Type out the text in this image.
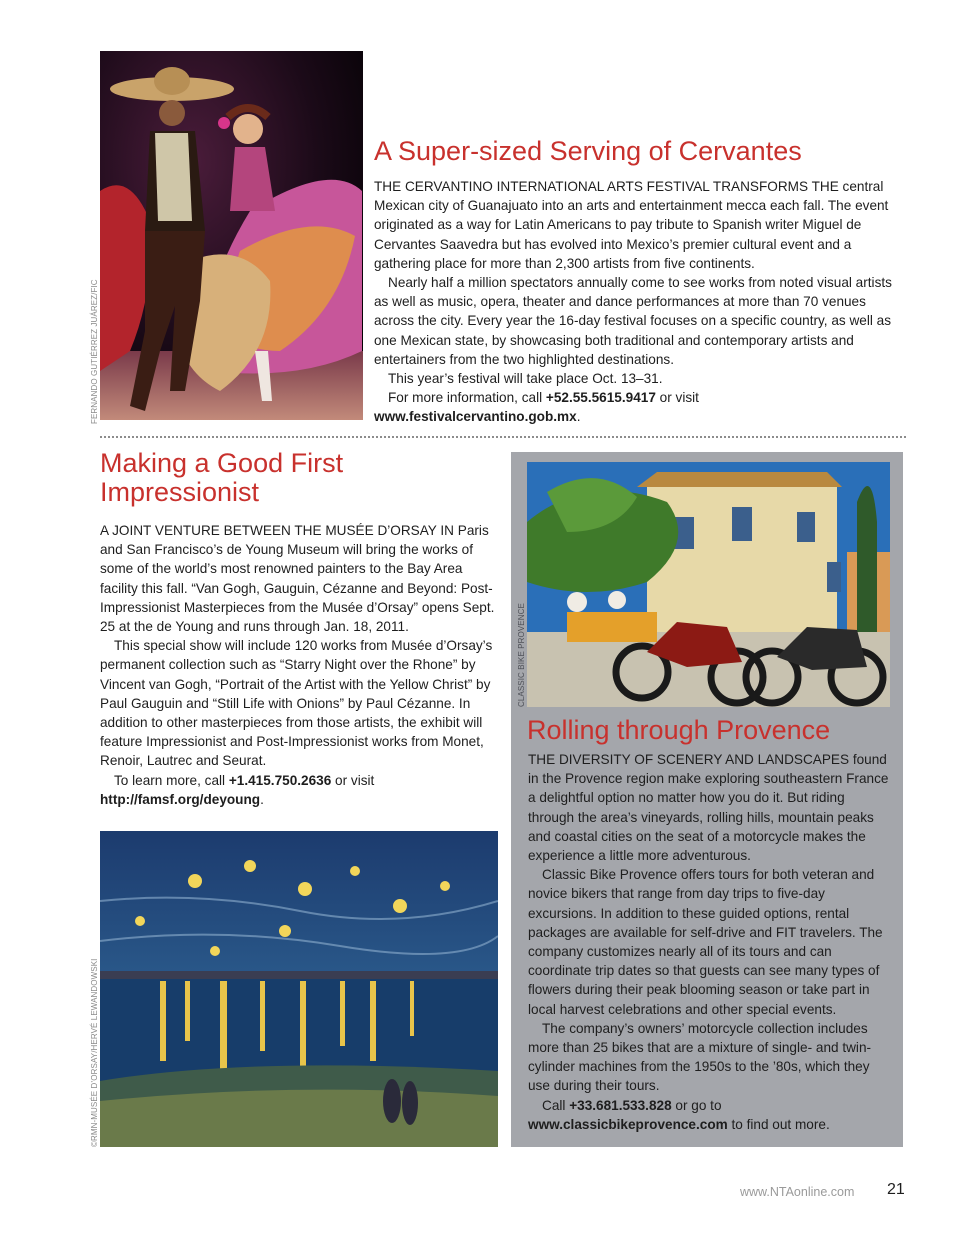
FERNANDO GUTIÉRREZ JUÁREZ/FIC
A Super-sized Serving of Cervantes

THE CERVANTINO INTERNATIONAL ARTS FESTIVAL TRANSFORMS THE central Mexican city of Guanajuato into an arts and entertainment mecca each fall. The event originated as a way for Latin Americans to pay tribute to Spanish writer Miguel de Cervantes Saavedra but has evolved into Mexico’s premier cultural event and a gathering place for more than 2,300 artists from five continents.

Nearly half a million spectators annually come to see works from noted visual artists as well as music, opera, theater and dance performances at more than 70 venues across the city. Every year the 16-day festival focuses on a specific country, as well as one Mexican state, by showcasing both traditional and contemporary artists and entertainers from the two highlighted destinations.

This year’s festival will take place Oct. 13–31.

For more information, call +52.55.5615.9417 or visit www.festivalcervantino.gob.mx.

Making a Good First
Impressionist

A JOINT VENTURE BETWEEN THE MUSÉE D’ORSAY IN Paris and San Francisco’s de Young Museum will bring the works of some of the world’s most renowned painters to the Bay Area facility this fall. “Van Gogh, Gauguin, Cézanne and Beyond: Post-Impressionist Masterpieces from the Musée d’Orsay” opens Sept. 25 at the de Young and runs through Jan. 18, 2011.

This special show will include 120 works from Musée d’Orsay’s permanent collection such as “Starry Night over the Rhone” by Vincent van Gogh, “Portrait of the Artist with the Yellow Christ” by Paul Gauguin and “Still Life with Onions” by Paul Cézanne. In addition to other masterpieces from those artists, the exhibit will feature Impressionist and Post-Impressionist works from Monet, Renoir, Lautrec and Seurat.

To learn more, call +1.415.750.2636 or visit http://famsf.org/deyoung.

©RMN-MUSÉE D’ORSAY/HERVÉ LEWANDOWSKI
CLASSIC BIKE PROVENCE
Rolling through Provence

THE DIVERSITY OF SCENERY AND LANDSCAPES found in the Provence region make exploring southeastern France a delightful option no matter how you do it. But riding through the area’s vineyards, rolling hills, mountain peaks and coastal cities on the seat of a motorcycle makes the experience a little more adventurous.

Classic Bike Provence offers tours for both veteran and novice bikers that range from day trips to five-day excursions. In addition to these guided options, rental packages are available for self-drive and FIT travelers. The company customizes nearly all of its tours and can coordinate trip dates so that guests can see many types of flowers during their peak blooming season or take part in local harvest celebrations and other special events.

The company’s owners’ motorcycle collection includes more than 25 bikes that are a mixture of single- and twin-cylinder machines from the 1950s to the ’80s, which they use during their tours.

Call +33.681.533.828 or go to www.classicbikeprovence.com to find out more.

www.NTAonline.com 21
